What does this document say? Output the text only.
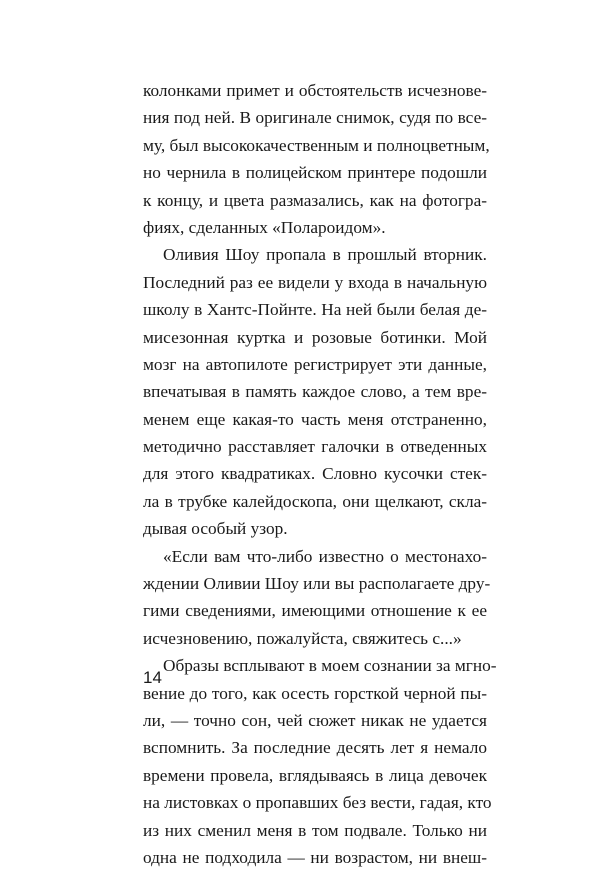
колонками примет и обстоятельств исчезнове-
ния под ней. В оригинале снимок, судя по все-
му, был высококачественным и полноцветным,
но чернила в полицейском принтере подошли
к концу, и цвета размазались, как на фотогра-
фиях, сделанных «Полароидом».
Оливия Шоу пропала в прошлый вторник.
Последний раз ее видели у входа в начальную
школу в Хантс-Пойнте. На ней были белая де-
мисезонная куртка и розовые ботинки. Мой
мозг на автопилоте регистрирует эти данные,
впечатывая в память каждое слово, а тем вре-
менем еще какая-то часть меня отстраненно,
методично расставляет галочки в отведенных
для этого квадратиках. Словно кусочки стек-
ла в трубке калейдоскопа, они щелкают, скла-
дывая особый узор.
«Если вам что-либо известно о местонахо-
ждении Оливии Шоу или вы располагаете дру-
гими сведениями, имеющими отношение к ее
исчезновению, пожалуйста, свяжитесь с...»
Образы всплывают в моем сознании за мгно-
вение до того, как осесть горсткой черной пы-
ли, — точно сон, чей сюжет никак не удается
вспомнить. За последние десять лет я немало
времени провела, вглядываясь в лица девочек
на листовках о пропавших без вести, гадая, кто
из них сменил меня в том подвале. Только ни
одна не подходила — ни возрастом, ни внеш-
14
